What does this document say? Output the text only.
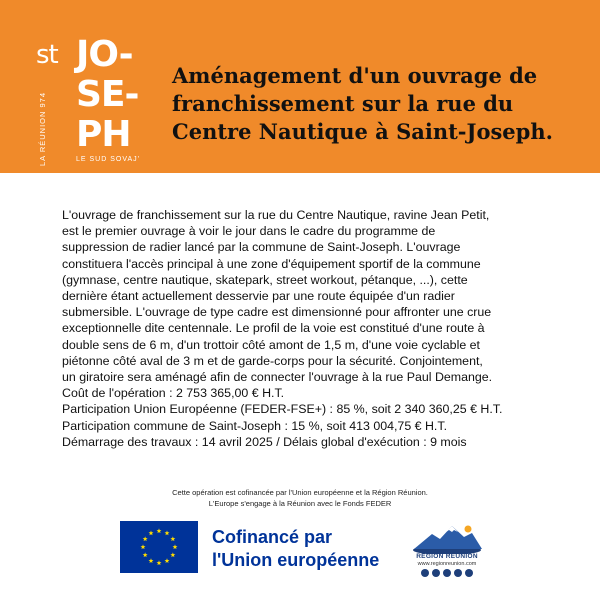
st
LA RÉUNION 974
JO-
SE-
PH
LE SUD SOVAJ'
Aménagement d'un ouvrage de
franchissement sur la rue du
Centre Nautique à Saint-Joseph.
L'ouvrage de franchissement sur la rue du Centre Nautique, ravine Jean Petit,
est le premier ouvrage à voir le jour dans le cadre du programme de
suppression de radier lancé par la commune de Saint-Joseph. L'ouvrage
constituera l'accès principal à une zone d'équipement sportif de la commune
(gymnase, centre nautique, skatepark, street workout, pétanque, ...), cette
dernière étant actuellement desservie par une route équipée d'un radier
submersible. L'ouvrage de type cadre est dimensionné pour affronter une crue
exceptionnelle dite centennale. Le profil de la voie est constitué d'une route à
double sens de 6 m, d'un trottoir côté amont de 1,5 m, d'une voie cyclable et
piétonne côté aval de 3 m et de garde-corps pour la sécurité. Conjointement,
un giratoire sera aménagé afin de connecter l'ouvrage à la rue Paul Demange.
Coût de l'opération : 2 753 365,00 € H.T.
Participation Union Européenne (FEDER-FSE+) : 85 %, soit 2 340 360,25 € H.T.
Participation commune de Saint-Joseph : 15 %, soit 413 004,75 € H.T.
Démarrage des travaux : 14 avril 2025 / Délais global d'exécution : 9 mois
Cette opération est cofinancée par l'Union européenne et la Région Réunion.
L'Europe s'engage à la Réunion avec le Fonds FEDER
Cofinancé par
l'Union européenne	RÉGION RÉUNION
www.regionreunion.com
